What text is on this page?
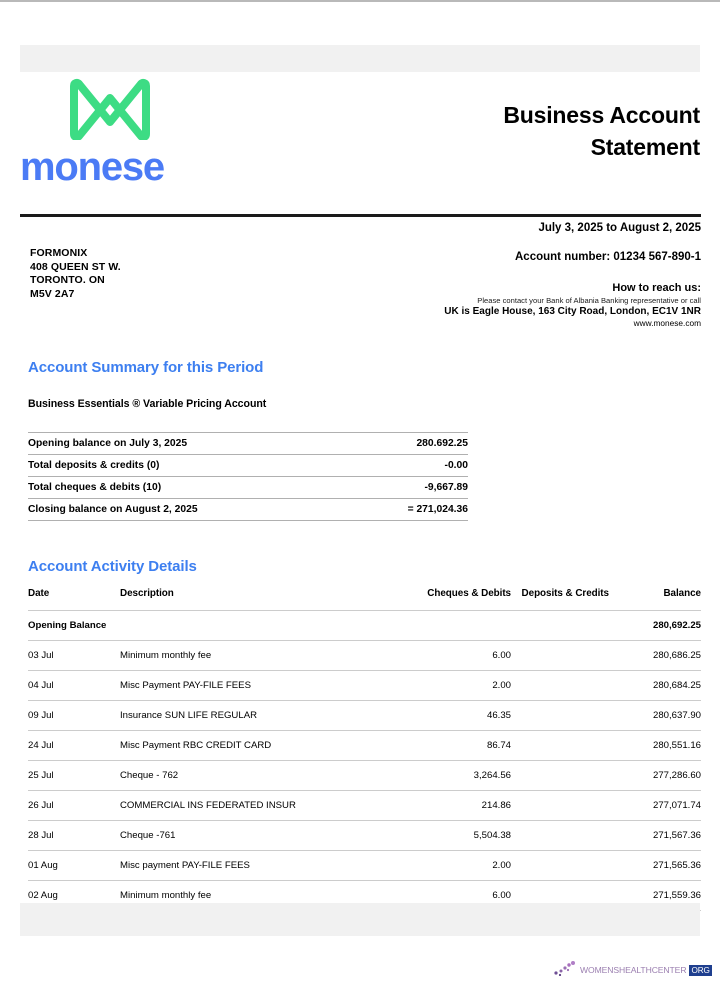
monese
Business Account
Statement
July 3, 2025 to August 2, 2025
Account number: 01234 567-890-1
How to reach us:
Please contact your Bank of Albania Banking representative or call
UK is Eagle House, 163 City Road, London, EC1V 1NR
www.monese.com
FORMONIX
408 QUEEN ST W.
TORONTO. ON
M5V 2A7
Account Summary for this Period
Business Essentials ® Variable Pricing Account
Opening balance on July 3, 2025	280.692.25
Total deposits & credits (0)	-0.00
Total cheques & debits (10)	-9,667.89
Closing balance on August 2, 2025	= 271,024.36
Account Activity Details
Date	Description	Cheques & Debits	Deposits & Credits	Balance
Opening Balance				280,692.25
03 Jul	Minimum monthly fee	6.00		280,686.25
04 Jul	Misc Payment PAY-FILE FEES	2.00		280,684.25
09 Jul	Insurance SUN LIFE REGULAR	46.35		280,637.90
24 Jul	Misc Payment RBC CREDIT CARD	86.74		280,551.16
25 Jul	Cheque - 762	3,264.56		277,286.60
26 Jul	COMMERCIAL INS FEDERATED INSUR	214.86		277,071.74
28 Jul	Cheque -761	5,504.38		271,567.36
01 Aug	Misc payment PAY-FILE FEES	2.00		271,565.36
02 Aug	Minimum monthly fee	6.00		271,559.36
WOMENSHEALTHCENTER ORG
